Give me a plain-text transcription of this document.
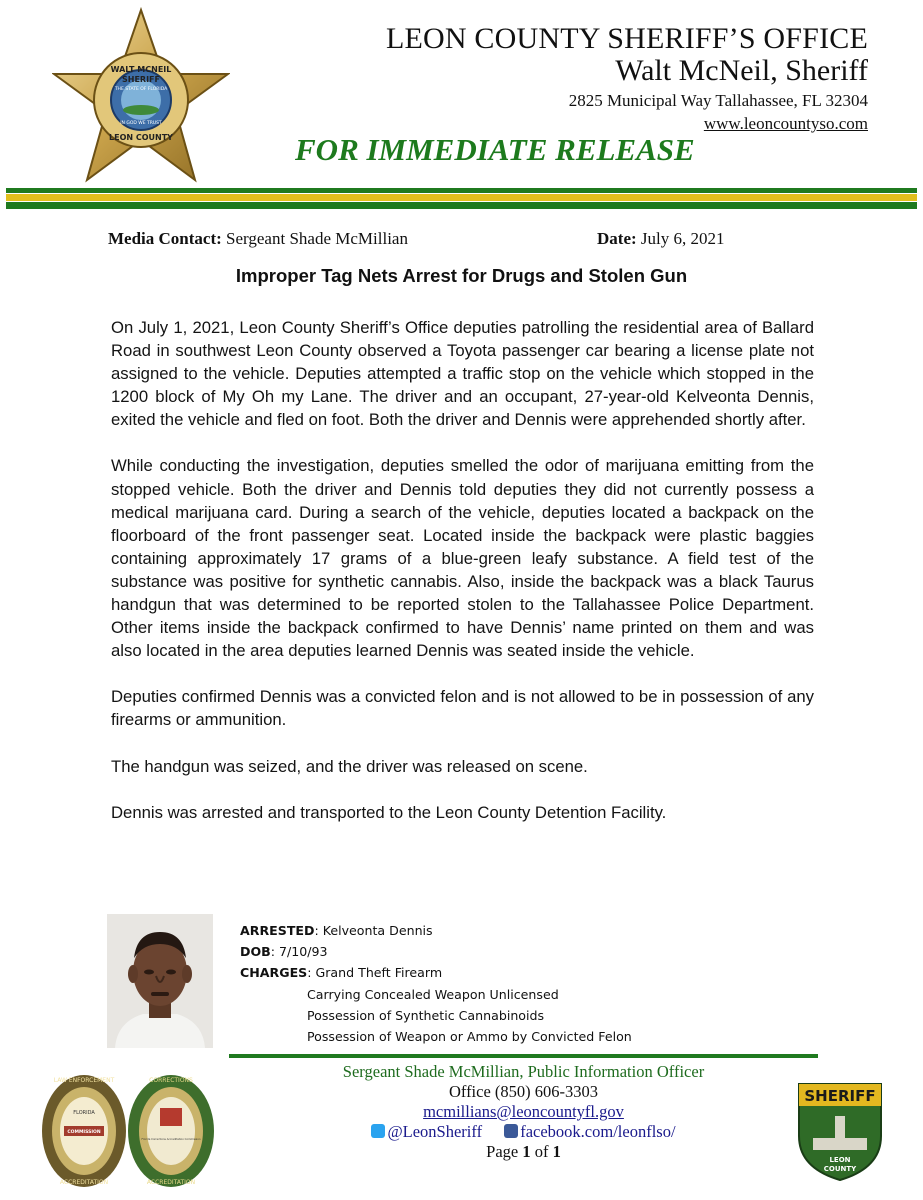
WALT MCNEIL
SHERIFF
THE STATE OF FLORIDA
IN GOD WE TRUST
LEON COUNTY
LEON COUNTY SHERIFF’S OFFICE
Walt McNeil, Sheriff
2825 Municipal Way Tallahassee, FL 32304
www.leoncountyso.com
FOR IMMEDIATE RELEASE
Media Contact: Sergeant Shade McMillian	Date: July 6, 2021
Improper Tag Nets Arrest for Drugs and Stolen Gun

On July 1, 2021, Leon County Sheriff’s Office deputies patrolling the residential area of Ballard Road in southwest Leon County observed a Toyota passenger car bearing a license plate not assigned to the vehicle. Deputies attempted a traffic stop on the vehicle which stopped in the 1200 block of My Oh my Lane. The driver and an occupant, 27-year-old Kelveonta Dennis, exited the vehicle and fled on foot. Both the driver and Dennis were apprehended shortly after.

While conducting the investigation, deputies smelled the odor of marijuana emitting from the stopped vehicle. Both the driver and Dennis told deputies they did not currently possess a medical marijuana card. During a search of the vehicle, deputies located a backpack on the floorboard of the front passenger seat. Located inside the backpack were plastic baggies containing approximately 17 grams of a blue-green leafy substance. A field test of the substance was positive for synthetic cannabis. Also, inside the backpack was a black Taurus handgun that was determined to be reported stolen to the Tallahassee Police Department. Other items inside the backpack confirmed to have Dennis’ name printed on them and was also located in the area deputies learned Dennis was seated inside the vehicle.

Deputies confirmed Dennis was a convicted felon and is not allowed to be in possession of any firearms or ammunition.

The handgun was seized, and the driver was released on scene.

Dennis was arrested and transported to the Leon County Detention Facility.

ARRESTED: Kelveonta Dennis
DOB: 7/10/93
CHARGES: Grand Theft Firearm
Carrying Concealed Weapon Unlicensed
Possession of Synthetic Cannabinoids
Possession of Weapon or Ammo by Convicted Felon
Sergeant Shade McMillian, Public Information Officer
Office (850) 606-3303
mcmillians@leoncountyfl.gov
@LeonSheriff facebook.com/leonflso/
Page 1 of 1
LAW ENFORCEMENT
FLORIDA
COMMISSION
ACCREDITATION
CORRECTIONS
Florida Corrections Accreditation Commission
ACCREDITATION
SHERIFF
LEON
COUNTY
